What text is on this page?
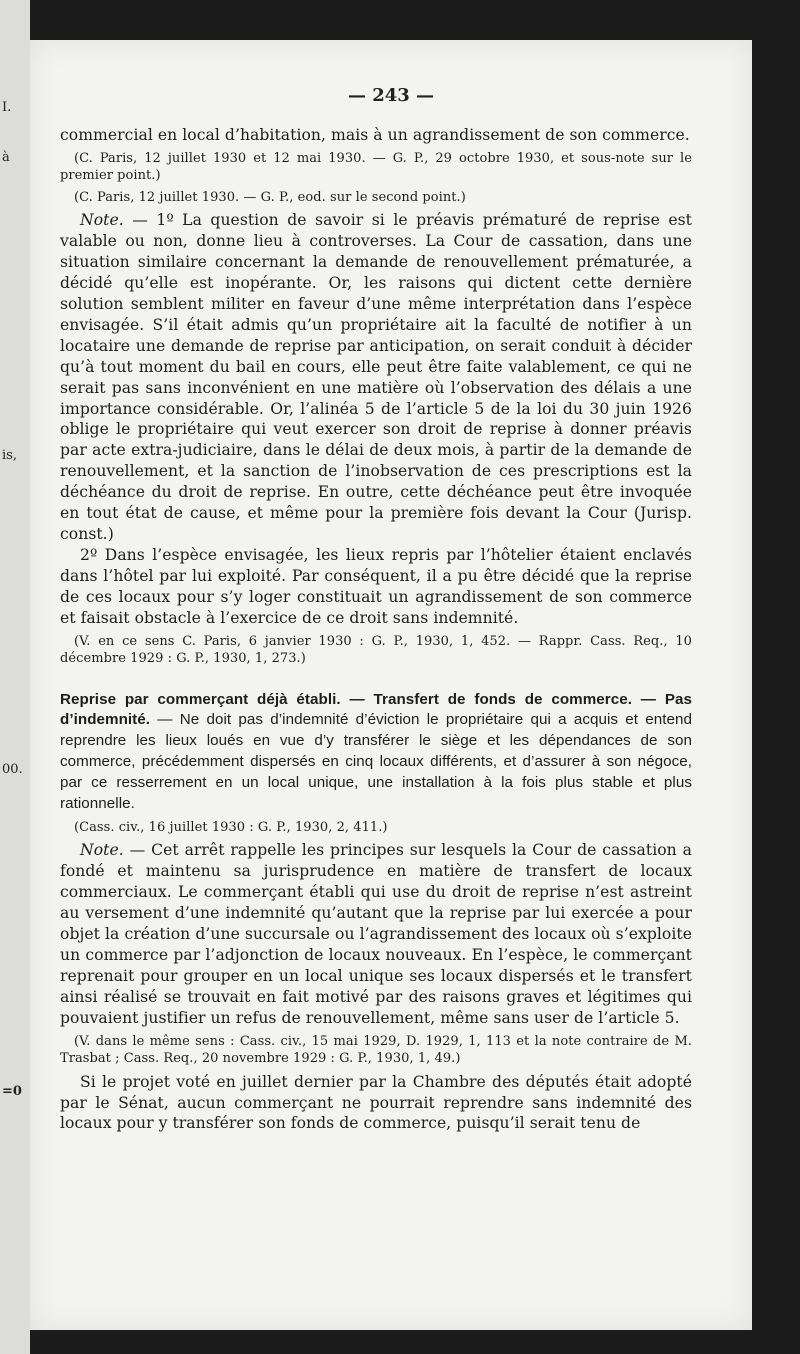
I.
à
is,
00.
=0
— 243 —

commercial en local d’habitation, mais à un agrandissement de son commerce.

(C. Paris, 12 juillet 1930 et 12 mai 1930. — G. P., 29 octobre 1930, et sous-note sur le premier point.)

(C. Paris, 12 juillet 1930. — G. P., eod. sur le second point.)

Note. — 1º La question de savoir si le préavis prématuré de reprise est valable ou non, donne lieu à controverses. La Cour de cassation, dans une situation similaire concernant la demande de renouvellement prématurée, a décidé qu’elle est inopérante. Or, les raisons qui dictent cette dernière solution semblent militer en faveur d’une même interprétation dans l’espèce envisagée. S’il était admis qu’un propriétaire ait la faculté de notifier à un locataire une demande de reprise par anticipation, on serait conduit à décider qu’à tout moment du bail en cours, elle peut être faite valablement, ce qui ne serait pas sans inconvénient en une matière où l’observation des délais a une importance considérable. Or, l’alinéa 5 de l’article 5 de la loi du 30 juin 1926 oblige le propriétaire qui veut exercer son droit de reprise à donner préavis par acte extra-judiciaire, dans le délai de deux mois, à partir de la demande de renouvellement, et la sanction de l’inobservation de ces prescriptions est la déchéance du droit de reprise. En outre, cette déchéance peut être invoquée en tout état de cause, et même pour la première fois devant la Cour (Jurisp. const.)

2º Dans l’espèce envisagée, les lieux repris par l’hôtelier étaient enclavés dans l’hôtel par lui exploité. Par conséquent, il a pu être décidé que la reprise de ces locaux pour s’y loger constituait un agrandissement de son commerce et faisait obstacle à l’exercice de ce droit sans indemnité.

(V. en ce sens C. Paris, 6 janvier 1930 : G. P., 1930, 1, 452. — Rappr. Cass. Req., 10 décembre 1929 : G. P., 1930, 1, 273.)

Reprise par commerçant déjà établi. — Transfert de fonds de commerce. — Pas d’indemnité. — Ne doit pas d’indemnité d’éviction le propriétaire qui a acquis et entend reprendre les lieux loués en vue d’y transférer le siège et les dépendances de son commerce, précédemment dispersés en cinq locaux différents, et d’assurer à son négoce, par ce resserrement en un local unique, une installation à la fois plus stable et plus rationnelle.

(Cass. civ., 16 juillet 1930 : G. P., 1930, 2, 411.)

Note. — Cet arrêt rappelle les principes sur lesquels la Cour de cassation a fondé et maintenu sa jurisprudence en matière de transfert de locaux commerciaux. Le commerçant établi qui use du droit de reprise n’est astreint au versement d’une indemnité qu’autant que la reprise par lui exercée a pour objet la création d’une succursale ou l’agrandissement des locaux où s’exploite un commerce par l’adjonction de locaux nouveaux. En l’espèce, le commerçant reprenait pour grouper en un local unique ses locaux dispersés et le transfert ainsi réalisé se trouvait en fait motivé par des raisons graves et légitimes qui pouvaient justifier un refus de renouvellement, même sans user de l’article 5.

(V. dans le même sens : Cass. civ., 15 mai 1929, D. 1929, 1, 113 et la note contraire de M. Trasbat ; Cass. Req., 20 novembre 1929 : G. P., 1930, 1, 49.)

Si le projet voté en juillet dernier par la Chambre des députés était adopté par le Sénat, aucun commerçant ne pourrait reprendre sans indemnité des locaux pour y transférer son fonds de commerce, puisqu’il serait tenu de
